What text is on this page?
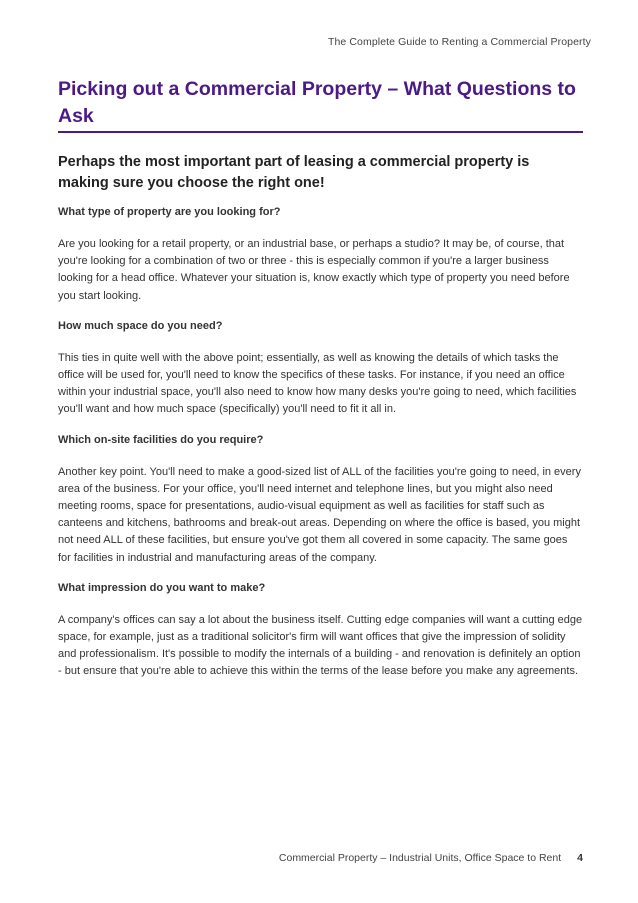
The Complete Guide to Renting a Commercial Property
Picking out a Commercial Property – What Questions to Ask

Perhaps the most important part of leasing a commercial property is making sure you choose the right one!

What type of property are you looking for?

Are you looking for a retail property, or an industrial base, or perhaps a studio? It may be, of course, that you're looking for a combination of two or three - this is especially common if you're a larger business looking for a head office. Whatever your situation is, know exactly which type of property you need before you start looking.

How much space do you need?

This ties in quite well with the above point; essentially, as well as knowing the details of which tasks the office will be used for, you'll need to know the specifics of these tasks. For instance, if you need an office within your industrial space, you'll also need to know how many desks you're going to need, which facilities you'll want and how much space (specifically) you'll need to fit it all in.

Which on-site facilities do you require?

Another key point. You'll need to make a good-sized list of ALL of the facilities you're going to need, in every area of the business. For your office, you'll need internet and telephone lines, but you might also need meeting rooms, space for presentations, audio-visual equipment as well as facilities for staff such as canteens and kitchens, bathrooms and break-out areas. Depending on where the office is based, you might not need ALL of these facilities, but ensure you've got them all covered in some capacity. The same goes for facilities in industrial and manufacturing areas of the company.

What impression do you want to make?

A company's offices can say a lot about the business itself. Cutting edge companies will want a cutting edge space, for example, just as a traditional solicitor's firm will want offices that give the impression of solidity and professionalism. It's possible to modify the internals of a building - and renovation is definitely an option - but ensure that you're able to achieve this within the terms of the lease before you make any agreements.

Commercial Property – Industrial Units, Office Space to Rent 4
